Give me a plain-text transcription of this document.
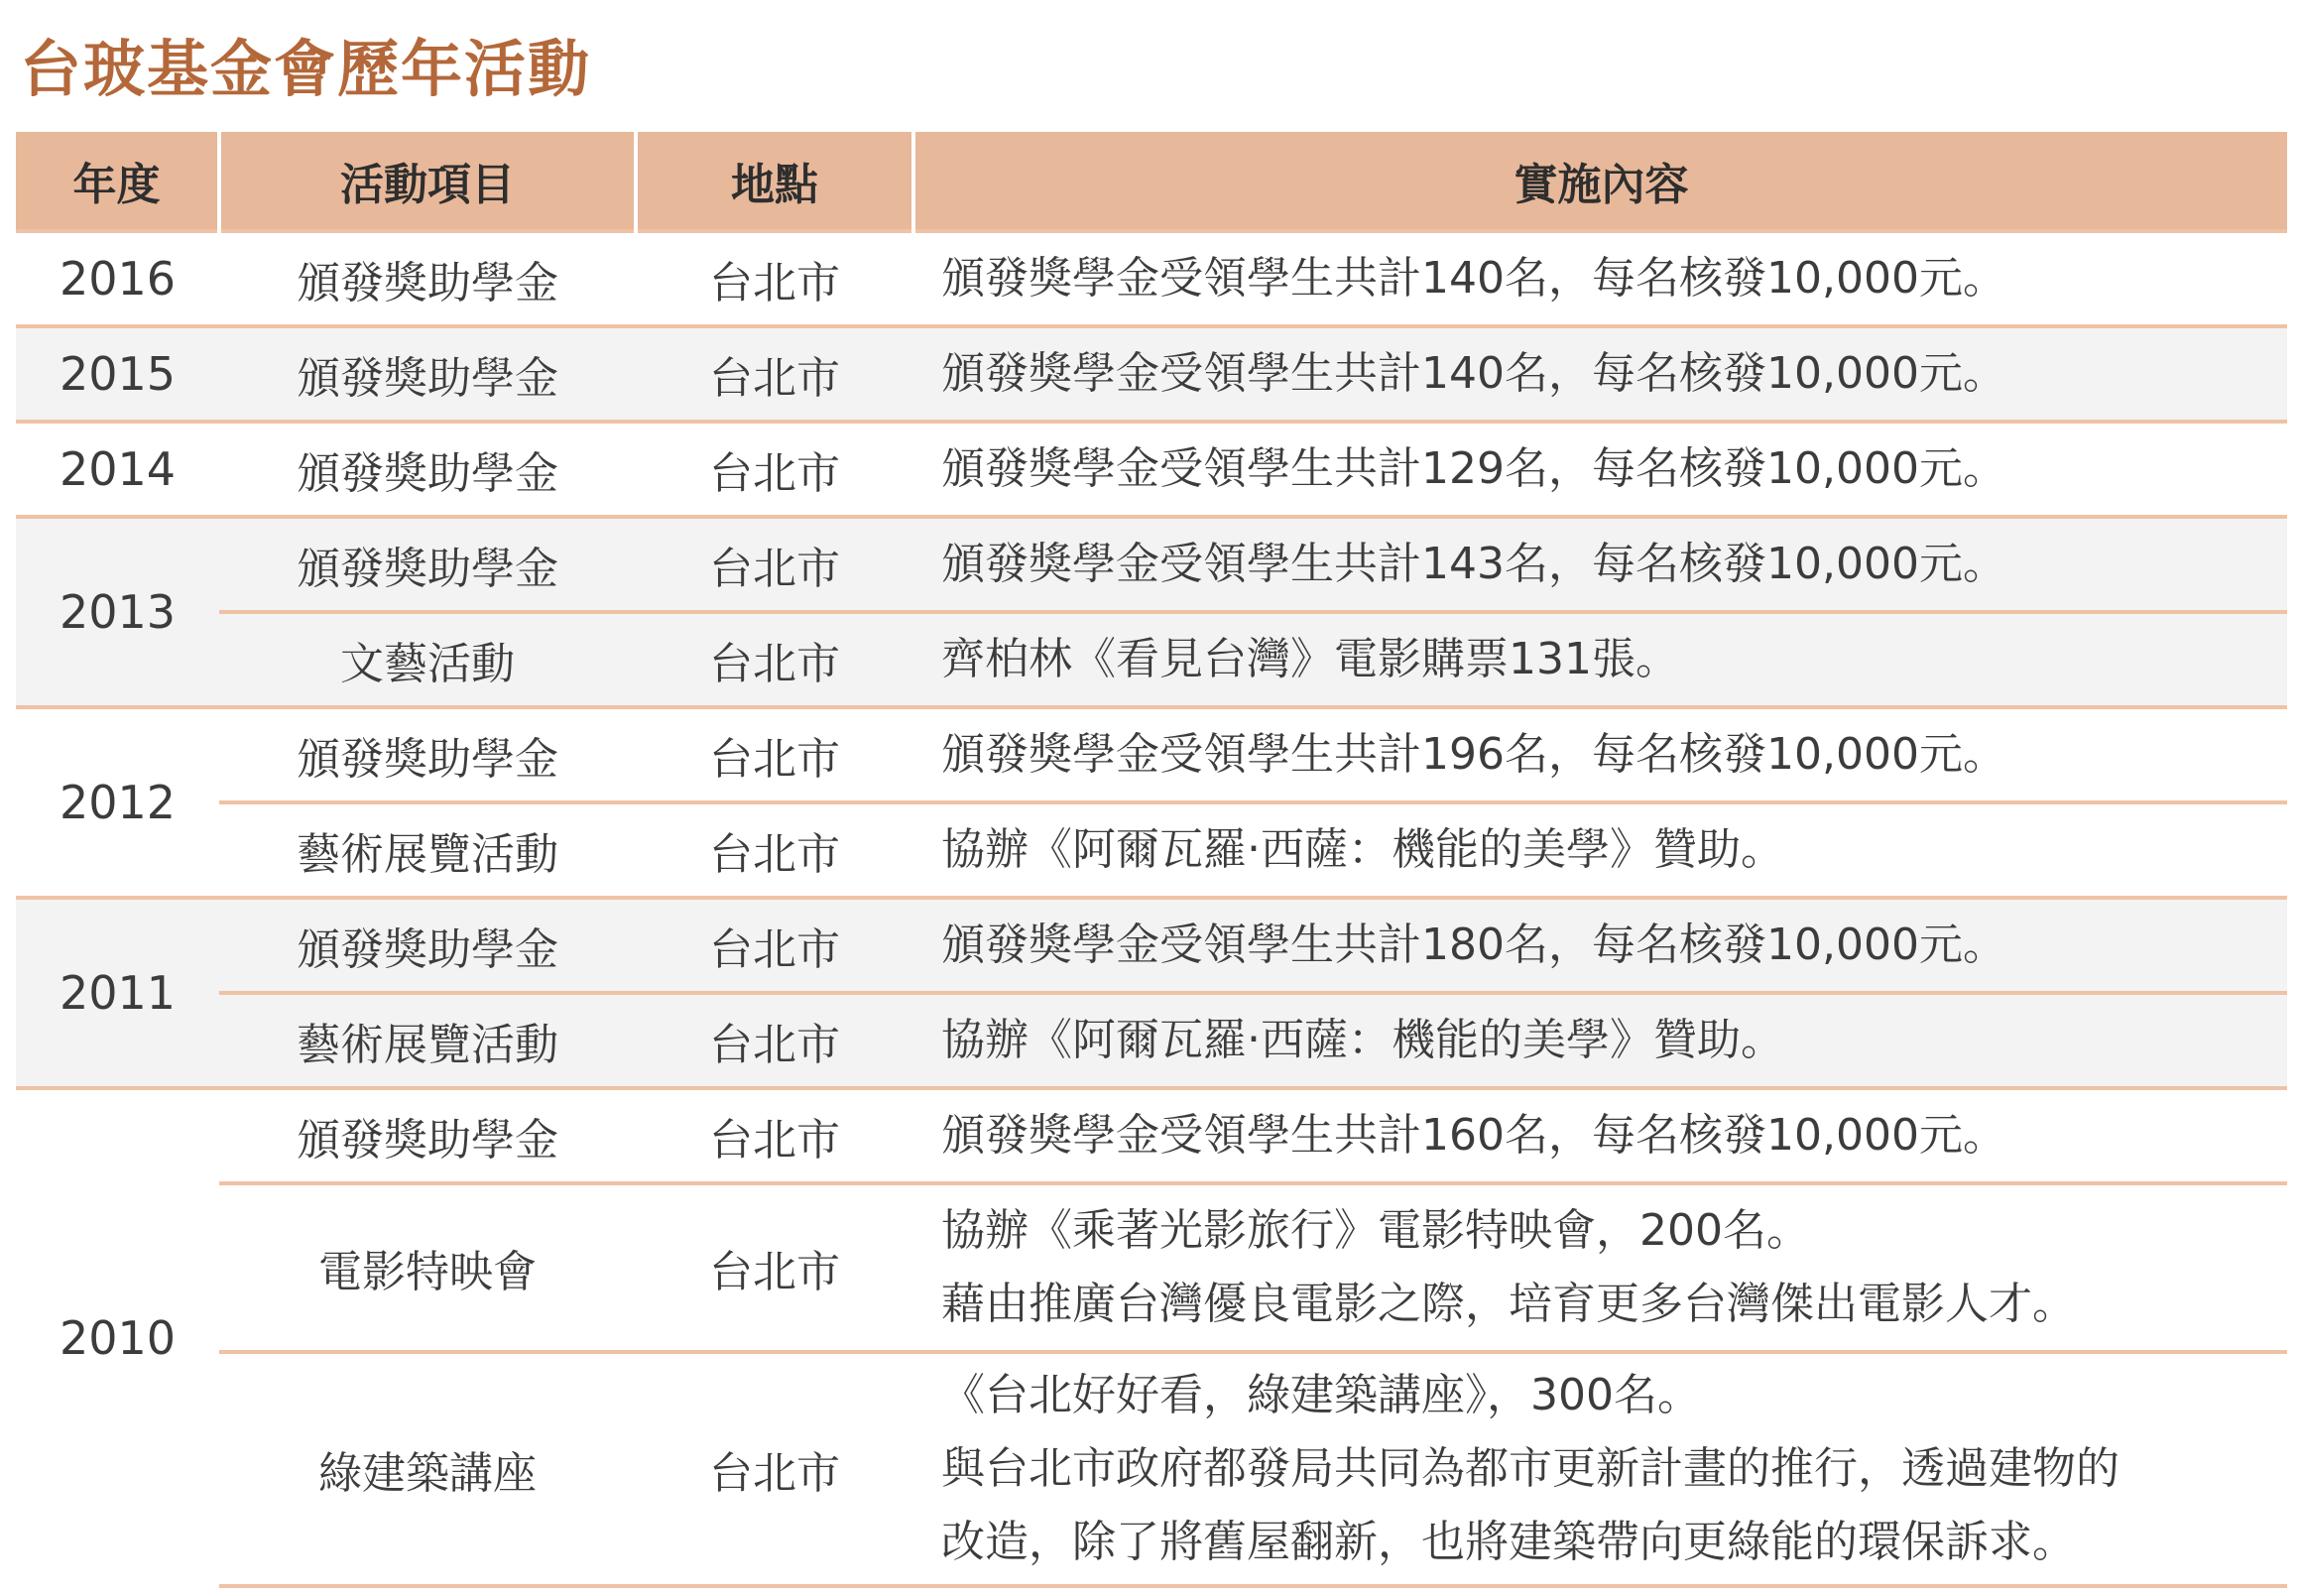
台玻基金會歷年活動
年度	活動項目	地點	實施內容
2016	頒發獎助學金	台北市	頒發獎學金受領學生共計140名，每名核發10,000元。

2015	頒發獎助學金	台北市	頒發獎學金受領學生共計140名，每名核發10,000元。

2014	頒發獎助學金	台北市	頒發獎學金受領學生共計129名，每名核發10,000元。

2013	頒發獎助學金	台北市	頒發獎學金受領學生共計143名，每名核發10,000元。

	文藝活動	台北市	齊柏林《看見台灣》電影購票131張。

2012	頒發獎助學金	台北市	頒發獎學金受領學生共計196名，每名核發10,000元。

	藝術展覽活動	台北市	協辦《阿爾瓦羅‧西薩：機能的美學》贊助。

2011	頒發獎助學金	台北市	頒發獎學金受領學生共計180名，每名核發10,000元。

	藝術展覽活動	台北市	協辦《阿爾瓦羅‧西薩：機能的美學》贊助。

2010	頒發獎助學金	台北市	頒發獎學金受領學生共計160名，每名核發10,000元。

	電影特映會	台北市	協辦《乘著光影旅行》電影特映會，200名。
藉由推廣台灣優良電影之際，培育更多台灣傑出電影人才。

	綠建築講座	台北市	《台北好好看，綠建築講座》，300名。
與台北市政府都發局共同為都市更新計畫的推行，透過建物的
改造，除了將舊屋翻新，也將建築帶向更綠能的環保訴求。
